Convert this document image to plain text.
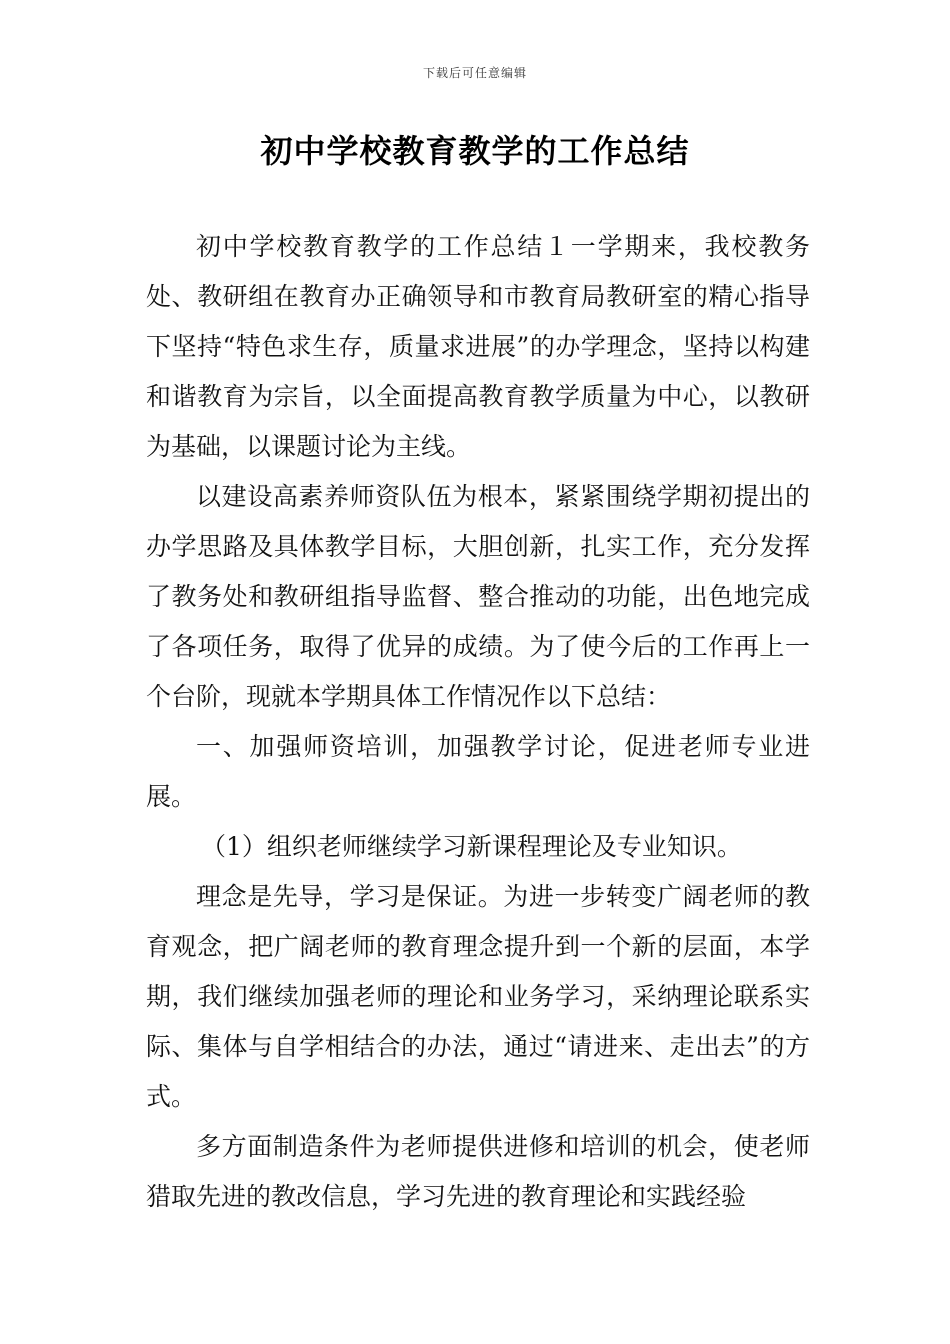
下载后可任意编辑
初中学校教育教学的工作总结

初中学校教育教学的工作总结１一学期来，我校教务处、教研组在教育办正确领导和市教育局教研室的精心指导下坚持“特色求生存，质量求进展”的办学理念，坚持以构建和谐教育为宗旨，以全面提高教育教学质量为中心，以教研为基础，以课题讨论为主线。

以建设高素养师资队伍为根本，紧紧围绕学期初提出的办学思路及具体教学目标，大胆创新，扎实工作，充分发挥了教务处和教研组指导监督、整合推动的功能，出色地完成了各项任务，取得了优异的成绩。为了使今后的工作再上一个台阶，现就本学期具体工作情况作以下总结：

一、加强师资培训，加强教学讨论，促进老师专业进展。

（1）组织老师继续学习新课程理论及专业知识。

理念是先导，学习是保证。为进一步转变广阔老师的教育观念，把广阔老师的教育理念提升到一个新的层面，本学期，我们继续加强老师的理论和业务学习，采纳理论联系实际、集体与自学相结合的办法，通过“请进来、走出去”的方式。

多方面制造条件为老师提供进修和培训的机会，使老师猎取先进的教改信息，学习先进的教育理论和实践经验
